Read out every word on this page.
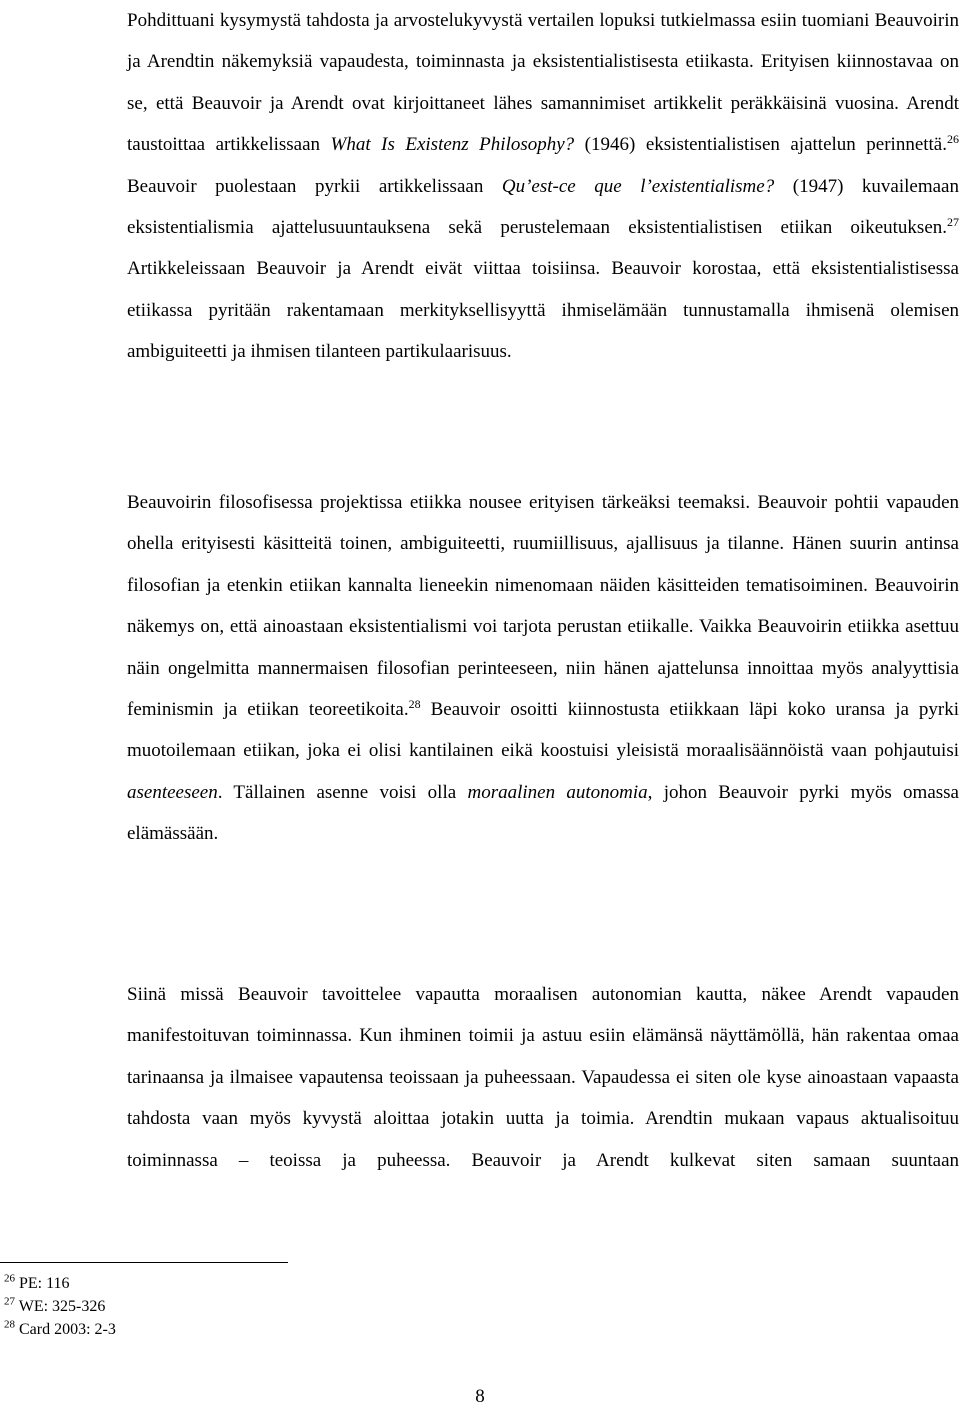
Pohdittuani kysymystä tahdosta ja arvostelukyvystä vertailen lopuksi tutkielmassa esiin tuomiani Beauvoirin ja Arendtin näkemyksiä vapaudesta, toiminnasta ja eksistentialistisesta etiikasta. Erityisen kiinnostavaa on se, että Beauvoir ja Arendt ovat kirjoittaneet lähes samannimiset artikkelit peräkkäisinä vuosina. Arendt taustoittaa artikkelissaan What Is Existenz Philosophy? (1946) eksistentialistisen ajattelun perinnettä.$^{26}$ Beauvoir puolestaan pyrkii artikkelissaan Qu’est-ce que l’existentialisme? (1947) kuvailemaan eksistentialismia ajattelusuuntauksena sekä perustelemaan eksistentialistisen etiikan oikeutuksen.$^{27}$ Artikkeleissaan Beauvoir ja Arendt eivät viittaa toisiinsa. Beauvoir korostaa, että eksistentialistisessa etiikassa pyritään rakentamaan merkityksellisyyttä ihmiselämään tunnustamalla ihmisenä olemisen ambiguiteetti ja ihmisen tilanteen partikulaarisuus.
Beauvoirin filosofisessa projektissa etiikka nousee erityisen tärkeäksi teemaksi. Beauvoir pohtii vapauden ohella erityisesti käsitteitä toinen, ambiguiteetti, ruumiillisuus, ajallisuus ja tilanne. Hänen suurin antinsa filosofian ja etenkin etiikan kannalta lieneekin nimenomaan näiden käsitteiden tematisoiminen. Beauvoirin näkemys on, että ainoastaan eksistentialismi voi tarjota perustan etiikalle. Vaikka Beauvoirin etiikka asettuu näin ongelmitta mannermaisen filosofian perinteeseen, niin hänen ajattelunsa innoittaa myös analyyttisia feminismin ja etiikan teoreetikoita.$^{28}$ Beauvoir osoitti kiinnostusta etiikkaan läpi koko uransa ja pyrki muotoilemaan etiikan, joka ei olisi kantilainen eikä koostuisi yleisistä moraalisäännöistä vaan pohjautuisi asenteeseen. Tällainen asenne voisi olla moraalinen autonomia, johon Beauvoir pyrki myös omassa elämässään.
Siinä missä Beauvoir tavoittelee vapautta moraalisen autonomian kautta, näkee Arendt vapauden manifestoituvan toiminnassa. Kun ihminen toimii ja astuu esiin elämänsä näyttämöllä, hän rakentaa omaa tarinaansa ja ilmaisee vapautensa teoissaan ja puheessaan. Vapaudessa ei siten ole kyse ainoastaan vapaasta tahdosta vaan myös kyvystä aloittaa jotakin uutta ja toimia. Arendtin mukaan vapaus aktualisoituu toiminnassa – teoissa ja puheessa. Beauvoir ja Arendt kulkevat siten samaan suuntaan
$^{26}$ PE: 116
$^{27}$ WE: 325-326
$^{28}$ Card 2003: 2-3
8
